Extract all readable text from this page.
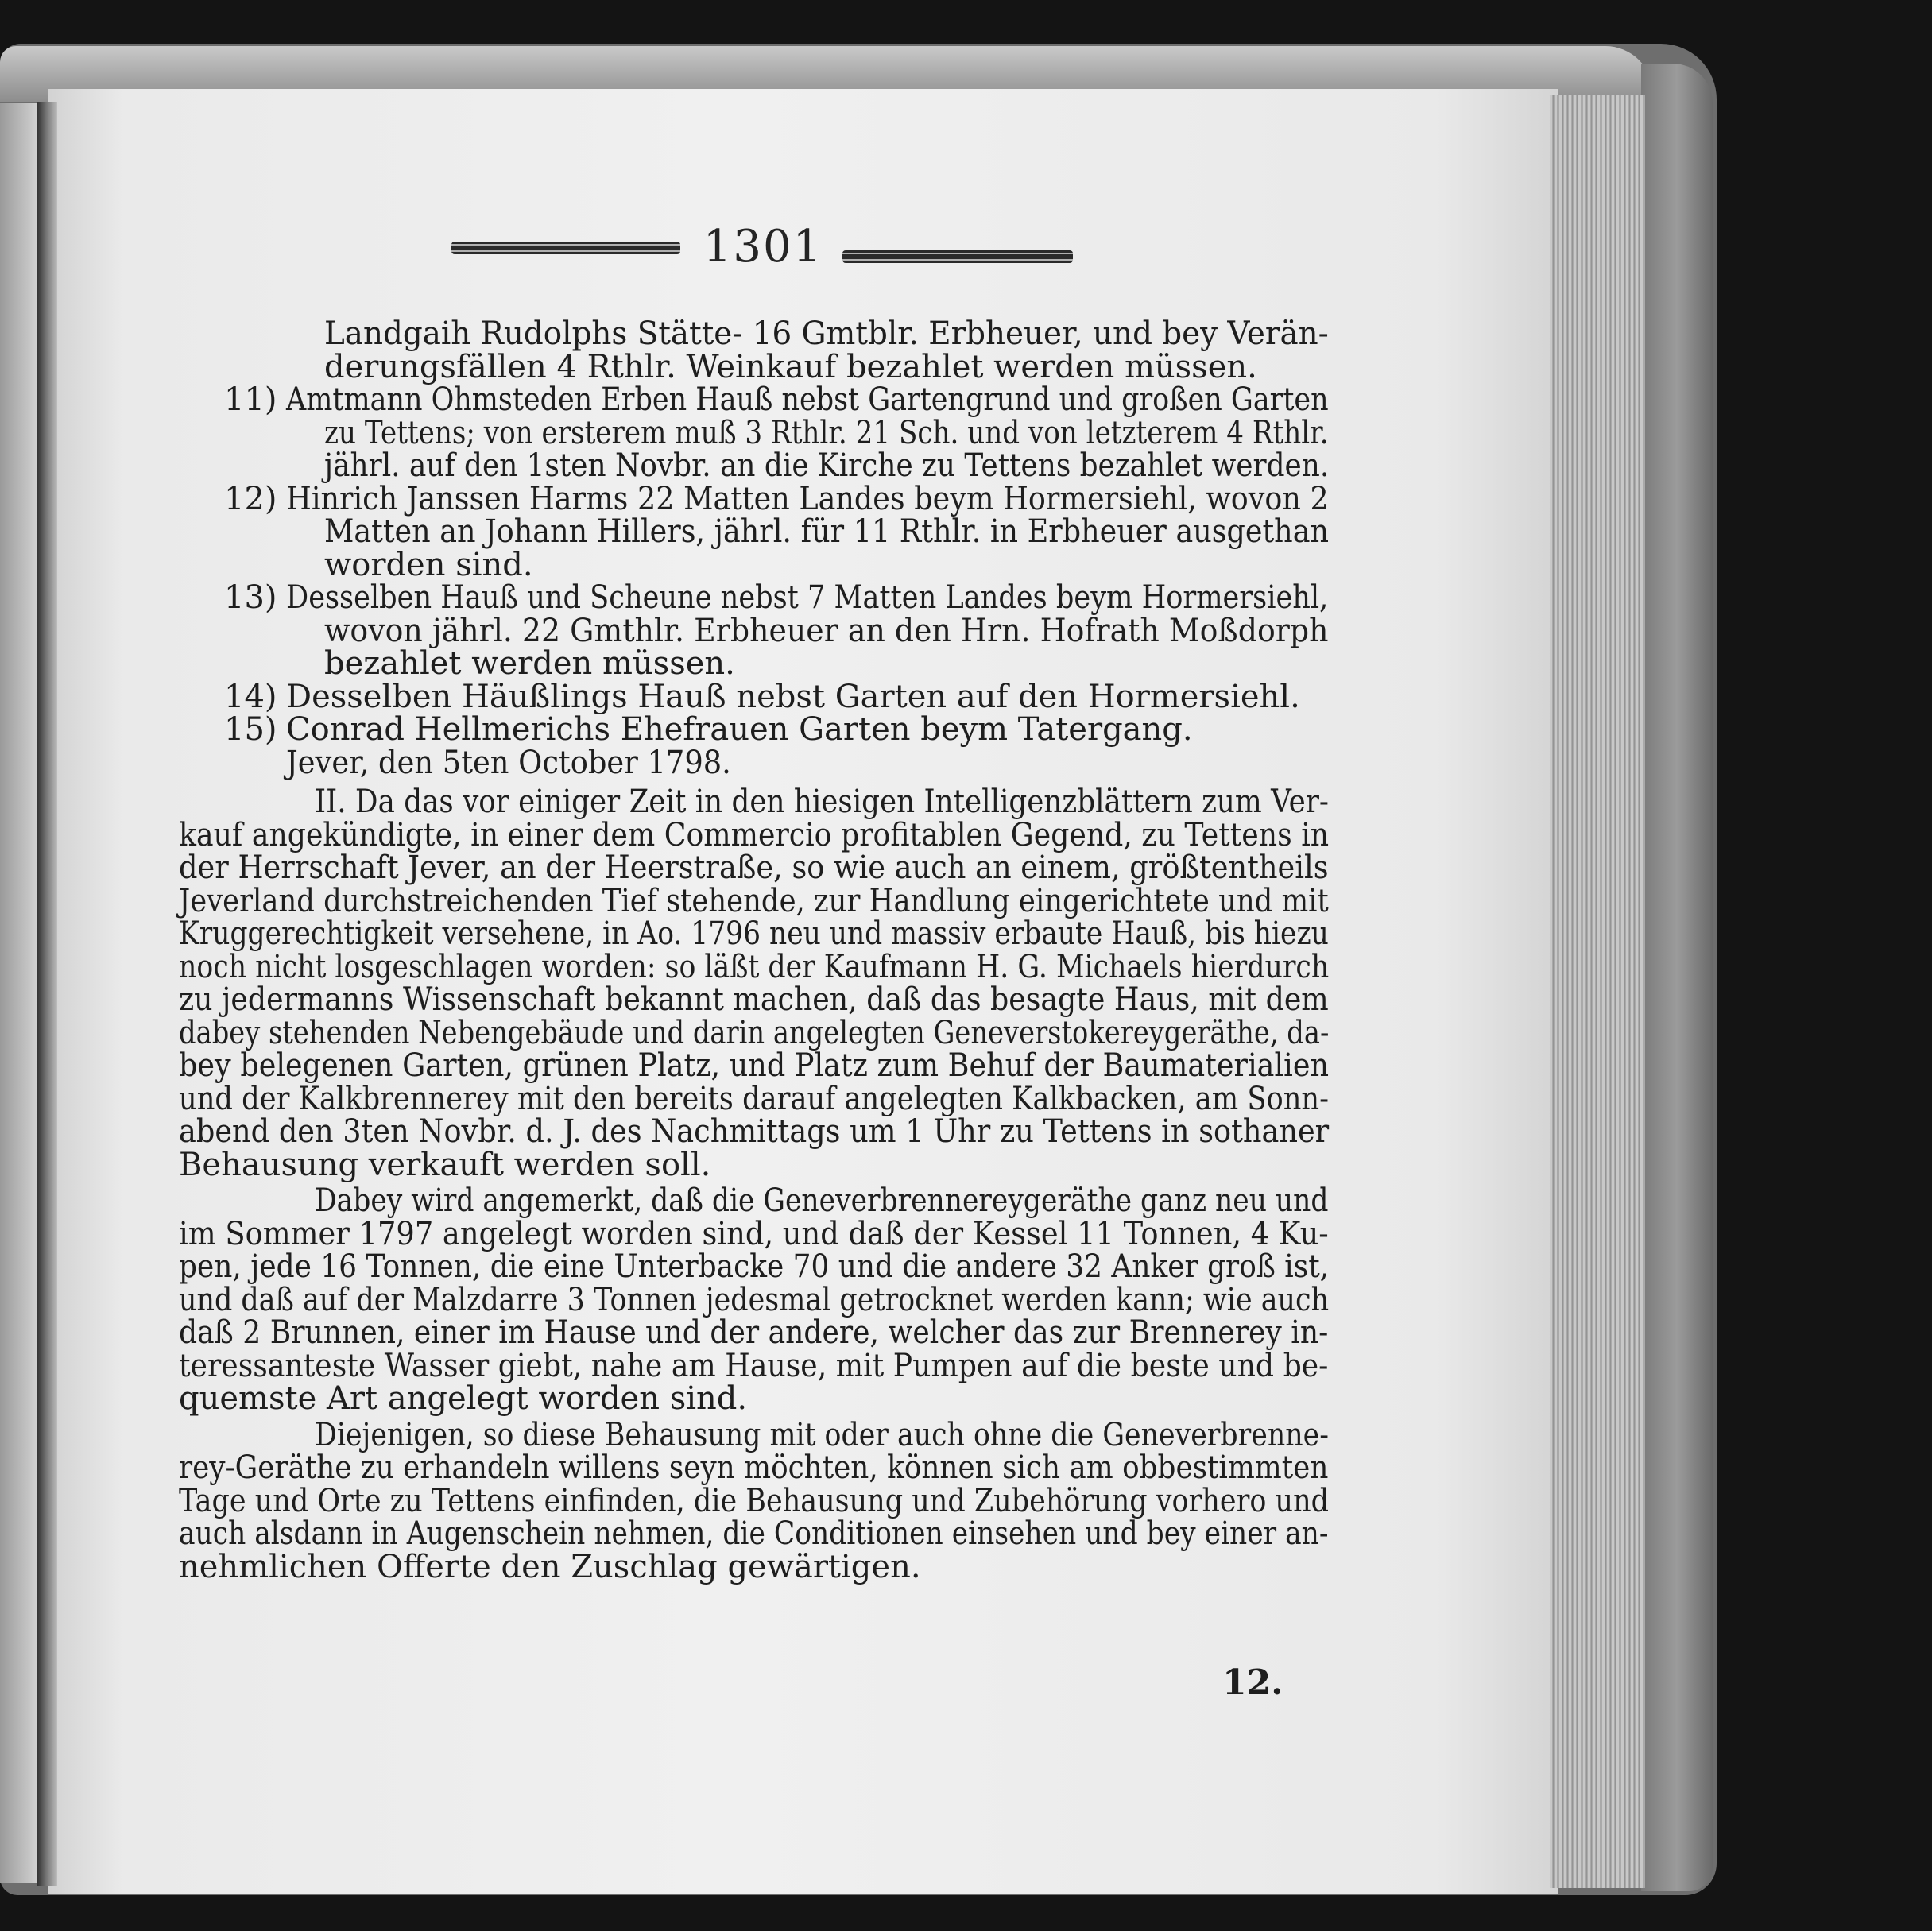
1301
Landgaih Rudolphs Stätte- 16 Gmtblr. Erbheuer, und bey Verän-
derungsfällen 4 Rthlr. Weinkauf bezahlet werden müssen.
11) Amtmann Ohmsteden Erben Hauß nebst Gartengrund und großen Garten
zu Tettens; von ersterem muß 3 Rthlr. 21 Sch. und von letzterem 4 Rthlr.
jährl. auf den 1sten Novbr. an die Kirche zu Tettens bezahlet werden.
12) Hinrich Janssen Harms 22 Matten Landes beym Hormersiehl, wovon 2
Matten an Johann Hillers, jährl. für 11 Rthlr. in Erbheuer ausgethan
worden sind.
13) Desselben Hauß und Scheune nebst 7 Matten Landes beym Hormersiehl,
wovon jährl. 22 Gmthlr. Erbheuer an den Hrn. Hofrath Moßdorph
bezahlet werden müssen.
14) Desselben Häußlings Hauß nebst Garten auf den Hormersiehl.
15) Conrad Hellmerichs Ehefrauen Garten beym Tatergang.
Jever, den 5ten October 1798.
II. Da das vor einiger Zeit in den hiesigen Intelligenzblättern zum Ver-
kauf angekündigte, in einer dem Commercio profitablen Gegend, zu Tettens in
der Herrschaft Jever, an der Heerstraße, so wie auch an einem, größtentheils
Jeverland durchstreichenden Tief stehende, zur Handlung eingerichtete und mit
Kruggerechtigkeit versehene, in Ao. 1796 neu und massiv erbaute Hauß, bis hiezu
noch nicht losgeschlagen worden: so läßt der Kaufmann H. G. Michaels hierdurch
zu jedermanns Wissenschaft bekannt machen, daß das besagte Haus, mit dem
dabey stehenden Nebengebäude und darin angelegten Geneverstokereygeräthe, da-
bey belegenen Garten, grünen Platz, und Platz zum Behuf der Baumaterialien
und der Kalkbrennerey mit den bereits darauf angelegten Kalkbacken, am Sonn-
abend den 3ten Novbr. d. J. des Nachmittags um 1 Uhr zu Tettens in sothaner
Behausung verkauft werden soll.
Dabey wird angemerkt, daß die Geneverbrennereygeräthe ganz neu und
im Sommer 1797 angelegt worden sind, und daß der Kessel 11 Tonnen, 4 Ku-
pen, jede 16 Tonnen, die eine Unterbacke 70 und die andere 32 Anker groß ist,
und daß auf der Malzdarre 3 Tonnen jedesmal getrocknet werden kann; wie auch
daß 2 Brunnen, einer im Hause und der andere, welcher das zur Brennerey in-
teressanteste Wasser giebt, nahe am Hause, mit Pumpen auf die beste und be-
quemste Art angelegt worden sind.
Diejenigen, so diese Behausung mit oder auch ohne die Geneverbrenne-
rey-Geräthe zu erhandeln willens seyn möchten, können sich am obbestimmten
Tage und Orte zu Tettens einfinden, die Behausung und Zubehörung vorhero und
auch alsdann in Augenschein nehmen, die Conditionen einsehen und bey einer an-
nehmlichen Offerte den Zuschlag gewärtigen.
12.
